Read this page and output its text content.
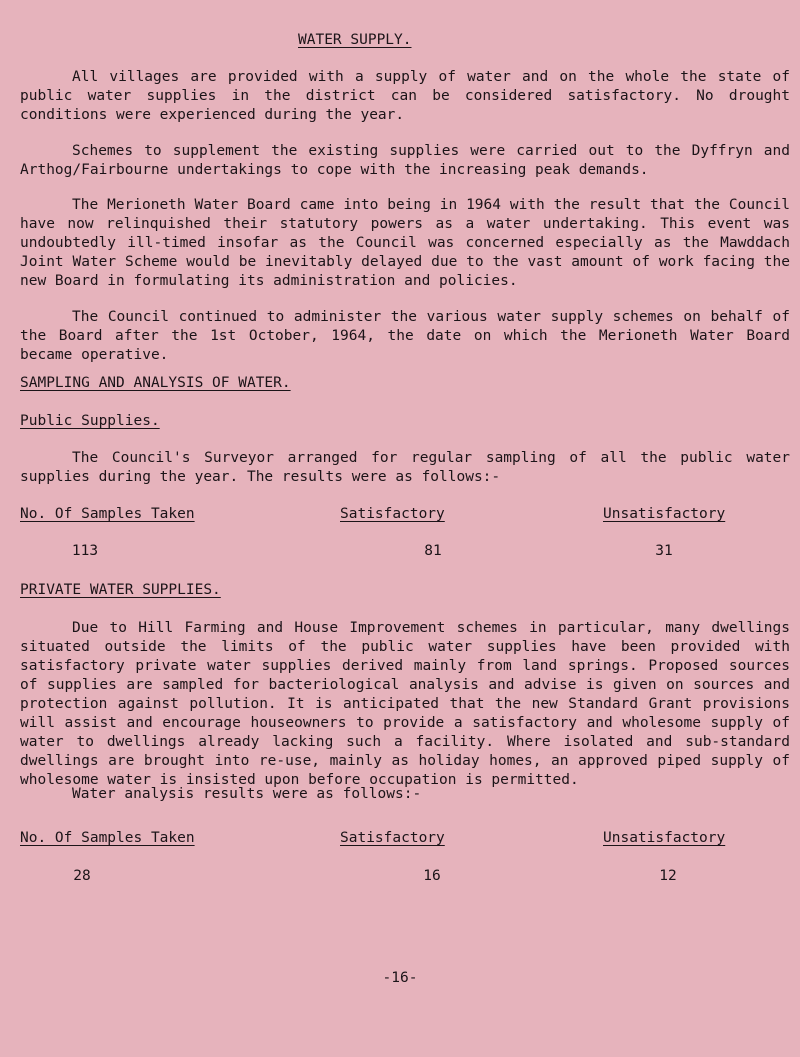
WATER SUPPLY.

All villages are provided with a supply of water and on the whole the state of public water supplies in the district can be considered satisfactory. No drought conditions were experienced during the year.

Schemes to supplement the existing supplies were carried out to the Dyffryn and Arthog/Fairbourne undertakings to cope with the increasing peak demands.

The Merioneth Water Board came into being in 1964 with the result that the Council have now relinquished their statutory powers as a water undertaking. This event was undoubtedly ill-timed insofar as the Council was concerned especially as the Mawddach Joint Water Scheme would be inevitably delayed due to the vast amount of work facing the new Board in formulating its administration and policies.

The Council continued to administer the various water supply schemes on behalf of the Board after the 1st October, 1964, the date on which the Merioneth Water Board became operative.

SAMPLING AND ANALYSIS OF WATER.
Public Supplies.

The Council's Surveyor arranged for regular sampling of all the public water supplies during the year. The results were as follows:-

No. Of Samples Taken	Satisfactory	Unsatisfactory
113	81	31
PRIVATE WATER SUPPLIES.

Due to Hill Farming and House Improvement schemes in particular, many dwellings situated outside the limits of the public water supplies have been provided with satisfactory private water supplies derived mainly from land springs. Proposed sources of supplies are sampled for bacteriological analysis and advise is given on sources and protection against pollution. It is anticipated that the new Standard Grant provisions will assist and encourage houseowners to provide a satisfactory and wholesome supply of water to dwellings already lacking such a facility. Where isolated and sub-standard dwellings are brought into re-use, mainly as holiday homes, an approved piped supply of wholesome water is insisted upon before occupation is permitted.

Water analysis results were as follows:-

No. Of Samples Taken	Satisfactory	Unsatisfactory
28	16	12
-16-
